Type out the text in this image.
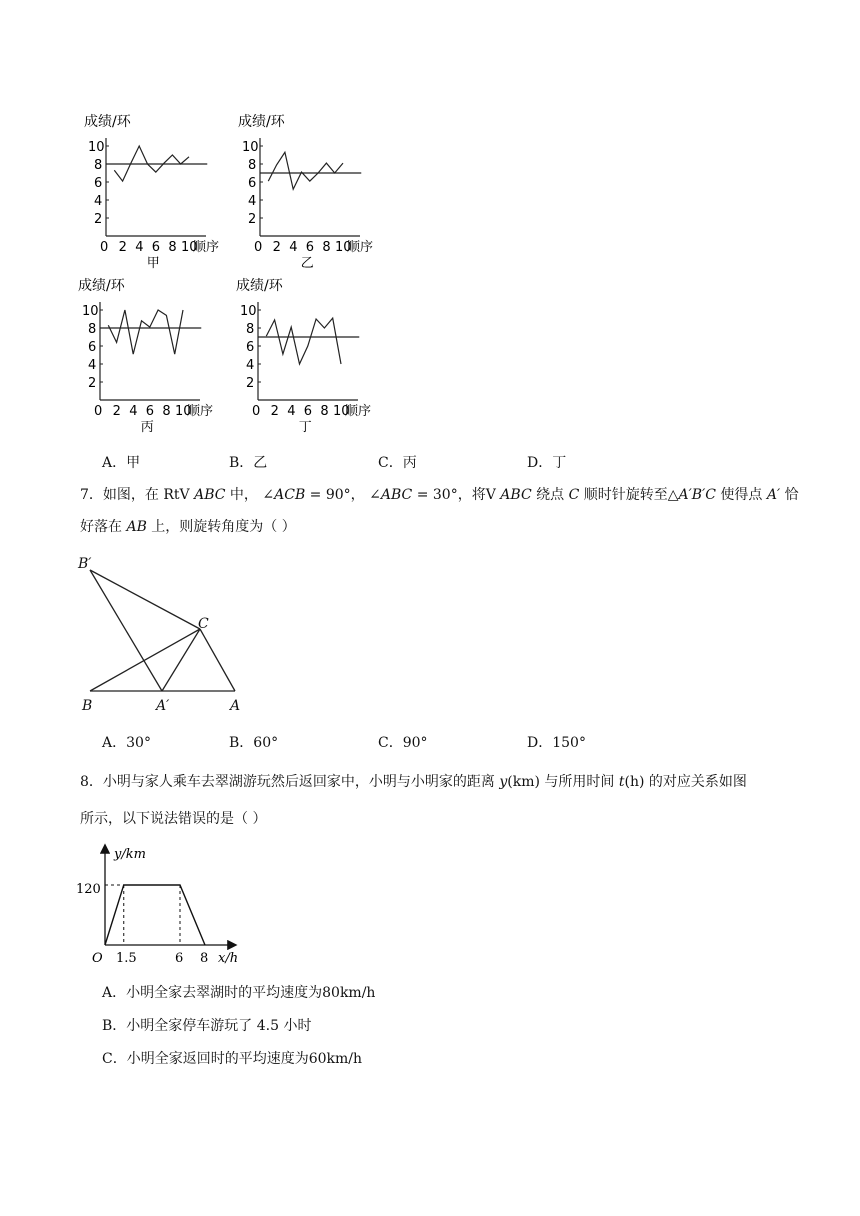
成绩/环
10
8
6
4
2
0 2 4 6 8 10
顺序
甲
成绩/环
10
8
6
4
2
0 2 4 6 8 10
顺序
乙
成绩/环
10
8
6
4
2
0 2 4 6 8 10
顺序
丙
成绩/环
10
8
6
4
2
0 2 4 6 8 10
顺序
丁
A．甲	B．乙	C．丙	D．丁
7．如图，在 RtV ABC 中， ∠ACB = 90°， ∠ABC = 30°，将V ABC 绕点 C 顺时针旋转至△A′B′C 使得点 A′ 恰
好落在 AB 上，则旋转角度为（ ）
B′
C
B	A′	A
A．30°	B．60°	C．90°	D．150°
8．小明与家人乘车去翠湖游玩然后返回家中，小明与小明家的距离 y(km) 与所用时间 t(h) 的对应关系如图
所示，以下说法错误的是（ ）
y/km
x/h
O
120
1.5	6 8
A．小明全家去翠湖时的平均速度为80km/h
B．小明全家停车游玩了 4.5 小时
C．小明全家返回时的平均速度为60km/h
